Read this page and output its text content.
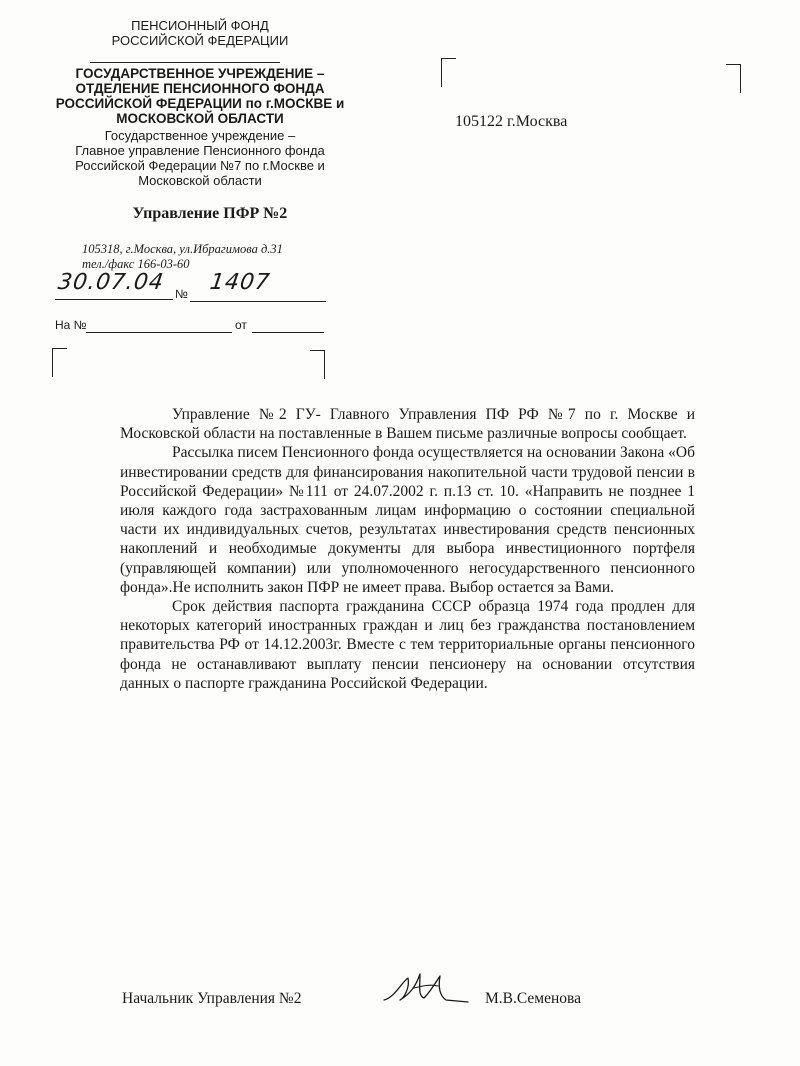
ПЕНСИОННЫЙ ФОНД
РОССИЙСКОЙ ФЕДЕРАЦИИ
ГОСУДАРСТВЕННОЕ УЧРЕЖДЕНИЕ –
ОТДЕЛЕНИЕ ПЕНСИОННОГО ФОНДА
РОССИЙСКОЙ ФЕДЕРАЦИИ по г.МОСКВЕ и
МОСКОВСКОЙ ОБЛАСТИ
Государственное учреждение –
Главное управление Пенсионного фонда
Российской Федерации №7 по г.Москве и
Московской области
Управление ПФР №2
105318, г.Москва, ул.Ибрагимова д.31
тел./факс 166-03-60
30.07.04 № 1407
На №	от
105122 г.Москва

Управление №2 ГУ- Главного Управления ПФ РФ №7 по г. Москве и Московской области на поставленные в Вашем письме различные вопросы сообщает.

Рассылка писем Пенсионного фонда осуществляется на основании Закона «Об инвестировании средств для финансирования накопительной части трудовой пенсии в Российской Федерации» №111 от 24.07.2002 г. п.13 ст. 10. «Направить не позднее 1 июля каждого года застрахованным лицам информацию о состоянии специальной части их индивидуальных счетов, результатах инвестирования средств пенсионных накоплений и необходимые документы для выбора инвестиционного портфеля (управляющей компании) или уполномоченного негосударственного пенсионного фонда».Не исполнить закон ПФР не имеет права. Выбор остается за Вами.

Срок действия паспорта гражданина СССР образца 1974 года продлен для некоторых категорий иностранных граждан и лиц без гражданства постановлением правительства РФ от 14.12.2003г. Вместе с тем территориальные органы пенсионного фонда не останавливают выплату пенсии пенсионеру на основании отсутствия данных о паспорте гражданина Российской Федерации.

Начальник Управления №2	М.В.Семенова
